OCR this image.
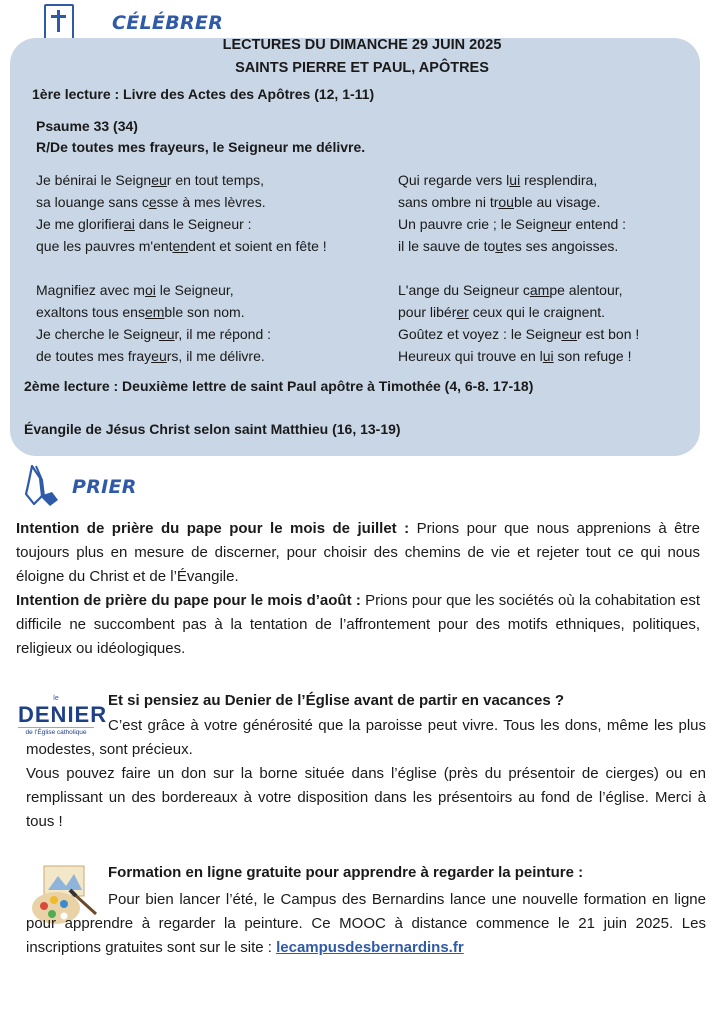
CÉLÉBRER
LECTURES DU DIMANCHE 29 JUIN 2025
SAINTS PIERRE ET PAUL, APÔTRES
1ère lecture : Livre des Actes des Apôtres (12, 1-11)
Psaume 33 (34)
R/De toutes mes frayeurs, le Seigneur me délivre.
Je bénirai le Seigneur en tout temps,
sa louange sans cesse à mes lèvres.
Je me glorifierai dans le Seigneur :
que les pauvres m'entendent et soient en fête !
Magnifiez avec moi le Seigneur,
exaltons tous ensemble son nom.
Je cherche le Seigneur, il me répond :
de toutes mes frayeurs, il me délivre.
Qui regarde vers lui resplendira,
sans ombre ni trouble au visage.
Un pauvre crie ; le Seigneur entend :
il le sauve de toutes ses angoisses.
L'ange du Seigneur campe alentour,
pour libérer ceux qui le craignent.
Goûtez et voyez : le Seigneur est bon !
Heureux qui trouve en lui son refuge !
2ème lecture : Deuxième lettre de saint Paul apôtre à Timothée (4, 6-8. 17-18)
Évangile de Jésus Christ selon saint Matthieu (16, 13-19)
PRIER
Intention de prière du pape pour le mois de juillet : Prions pour que nous apprenions à être toujours plus en mesure de discerner, pour choisir des chemins de vie et rejeter tout ce qui nous éloigne du Christ et de l’Évangile.
Intention de prière du pape pour le mois d’août : Prions pour que les sociétés où la cohabitation est difficile ne succombent pas à la tentation de l’affrontement pour des motifs ethniques, politiques, religieux ou idéologiques.
le
DENIER
de l’Église catholique
Et si pensiez au Denier de l’Église avant de partir en vacances ?
C’est grâce à votre générosité que la paroisse peut vivre. Tous les dons, même les plus modestes, sont précieux.
Vous pouvez faire un don sur la borne située dans l’église (près du présentoir de cierges) ou en remplissant un des bordereaux à votre disposition dans les présentoirs au fond de l’église. Merci à tous !
Formation en ligne gratuite pour apprendre à regarder la peinture :
Pour bien lancer l’été, le Campus des Bernardins lance une nouvelle formation en ligne pour apprendre à regarder la peinture. Ce MOOC à distance commence le 21 juin 2025. Les inscriptions gratuites sont sur le site : lecampusdesbernardins.fr
